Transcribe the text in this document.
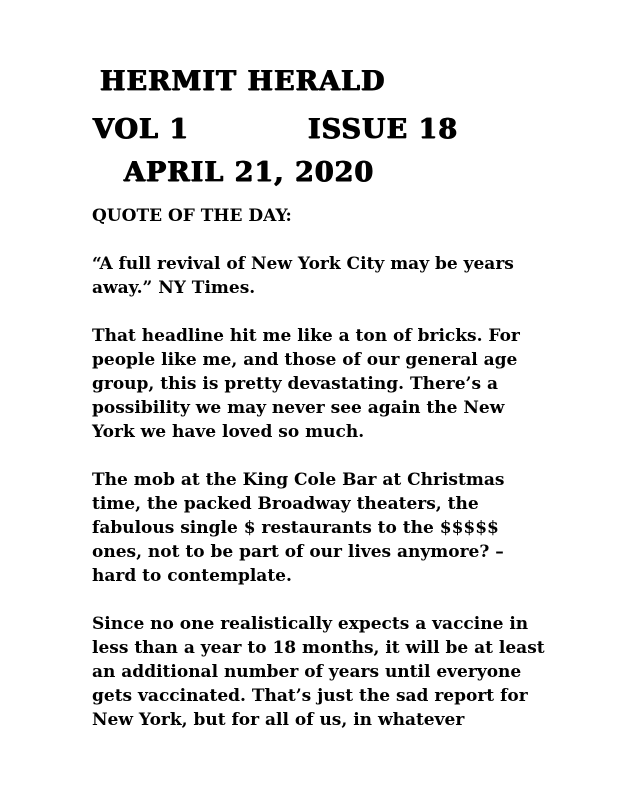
HERMIT HERALD
VOL 1	ISSUE 18
APRIL 21, 2020

QUOTE OF THE DAY:

“A full revival of New York City may be years
away.” NY Times.

That headline hit me like a ton of bricks. For
people like me, and those of our general age
group, this is pretty devastating. There’s a
possibility we may never see again the New
York we have loved so much.

The mob at the King Cole Bar at Christmas
time, the packed Broadway theaters, the
fabulous single $ restaurants to the $$$$$
ones, not to be part of our lives anymore? –
hard to contemplate.

Since no one realistically expects a vaccine in
less than a year to 18 months, it will be at least
an additional number of years until everyone
gets vaccinated. That’s just the sad report for
New York, but for all of us, in whatever
